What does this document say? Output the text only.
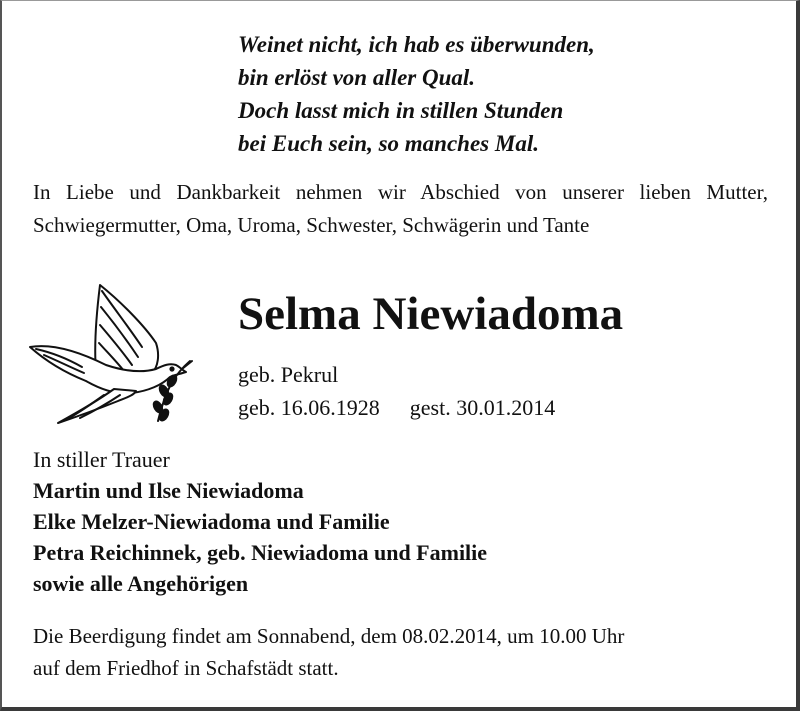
Weinet nicht, ich hab es überwunden,
bin erlöst von aller Qual.
Doch lasst mich in stillen Stunden
bei Euch sein, so manches Mal.
In Liebe und Dankbarkeit nehmen wir Abschied von unserer lieben Mutter, Schwiegermutter, Oma, Uroma, Schwester, Schwägerin und Tante
Selma Niewiadoma
geb. Pekrul
geb. 16.06.1928 gest. 30.01.2014
In stiller Trauer
Martin und Ilse Niewiadoma
Elke Melzer-Niewiadoma und Familie
Petra Reichinnek, geb. Niewiadoma und Familie
sowie alle Angehörigen
Die Beerdigung findet am Sonnabend, dem 08.02.2014, um 10.00 Uhr
auf dem Friedhof in Schafstädt statt.
